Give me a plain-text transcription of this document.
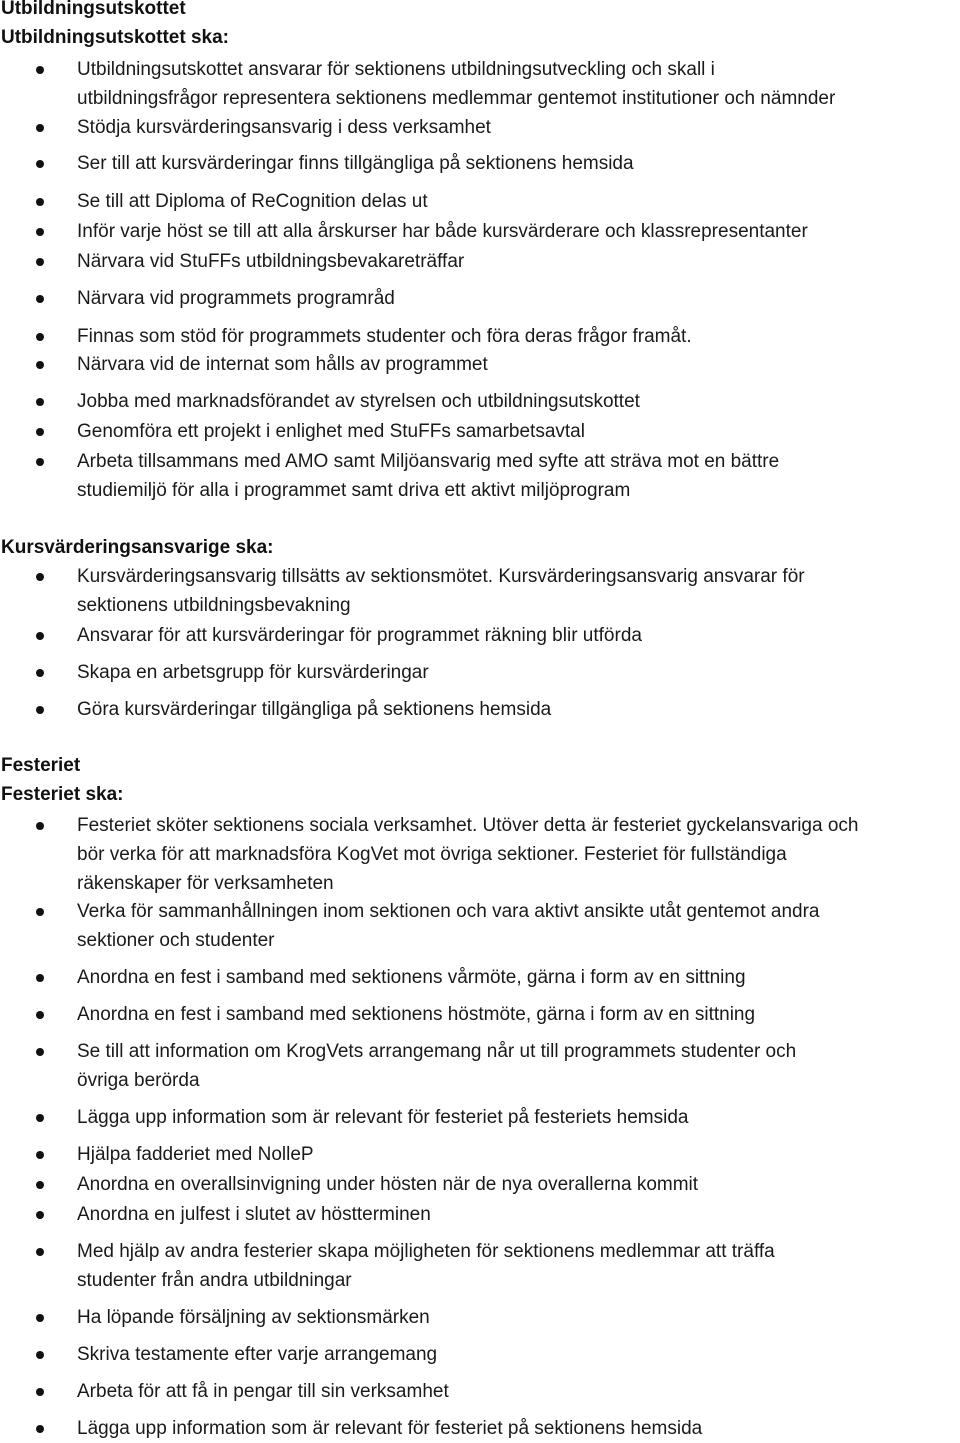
Utbildningsutskottet
Utbildningsutskottet ska:
Kursvärderingsansvarige ska:
Festeriet
Festeriet ska:
Utbildningsutskottet ansvarar för sektionens utbildningsutveckling och skall i
utbildningsfrågor representera sektionens medlemmar gentemot institutioner och nämnder
Stödja kursvärderingsansvarig i dess verksamhet
Ser till att kursvärderingar finns tillgängliga på sektionens hemsida
Se till att Diploma of ReCognition delas ut
Inför varje höst se till att alla årskurser har både kursvärderare och klassrepresentanter
Närvara vid StuFFs utbildningsbevakareträffar
Närvara vid programmets programråd
Finnas som stöd för programmets studenter och föra deras frågor framåt.
Närvara vid de internat som hålls av programmet
Jobba med marknadsförandet av styrelsen och utbildningsutskottet
Genomföra ett projekt i enlighet med StuFFs samarbetsavtal
Arbeta tillsammans med AMO samt Miljöansvarig med syfte att sträva mot en bättre
studiemiljö för alla i programmet samt driva ett aktivt miljöprogram
Kursvärderingsansvarig tillsätts av sektionsmötet. Kursvärderingsansvarig ansvarar för
sektionens utbildningsbevakning
Ansvarar för att kursvärderingar för programmet räkning blir utförda
Skapa en arbetsgrupp för kursvärderingar
Göra kursvärderingar tillgängliga på sektionens hemsida
Festeriet sköter sektionens sociala verksamhet. Utöver detta är festeriet gyckelansvariga och
bör verka för att marknadsföra KogVet mot övriga sektioner. Festeriet för fullständiga
räkenskaper för verksamheten
Verka för sammanhållningen inom sektionen och vara aktivt ansikte utåt gentemot andra
sektioner och studenter
Anordna en fest i samband med sektionens vårmöte, gärna i form av en sittning
Anordna en fest i samband med sektionens höstmöte, gärna i form av en sittning
Se till att information om KrogVets arrangemang når ut till programmets studenter och
övriga berörda
Lägga upp information som är relevant för festeriet på festeriets hemsida
Hjälpa fadderiet med NolleP
Anordna en overallsinvigning under hösten när de nya overallerna kommit
Anordna en julfest i slutet av höstterminen
Med hjälp av andra festerier skapa möjligheten för sektionens medlemmar att träffa
studenter från andra utbildningar
Ha löpande försäljning av sektionsmärken
Skriva testamente efter varje arrangemang
Arbeta för att få in pengar till sin verksamhet
Lägga upp information som är relevant för festeriet på sektionens hemsida
